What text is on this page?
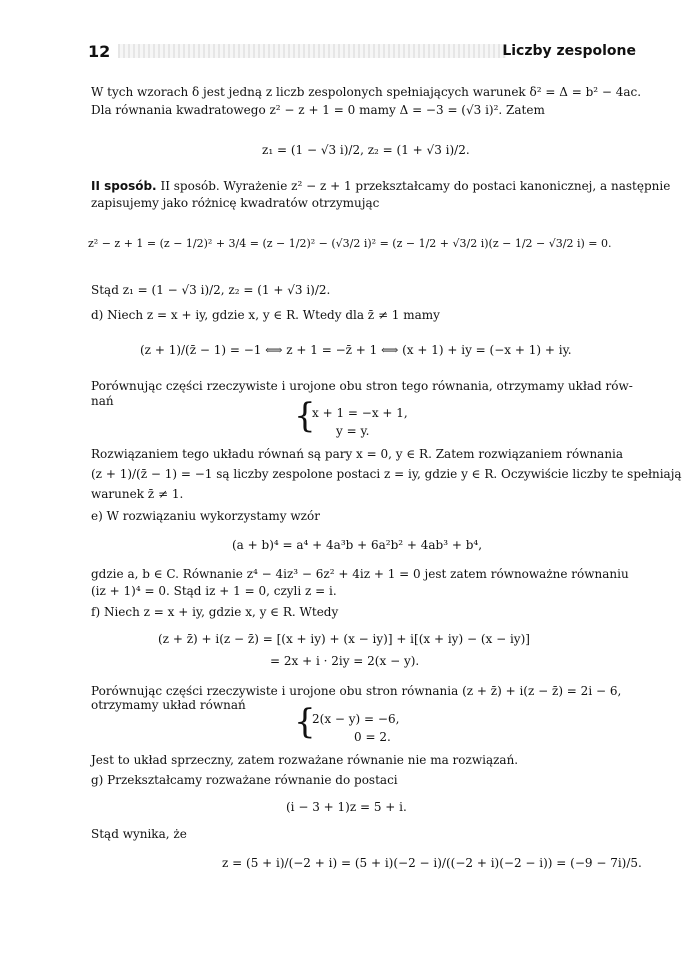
12	Liczby zespolone
W tych wzorach δ jest jedną z liczb zespolonych spełniających warunek δ² = Δ = b² − 4ac.
Dla równania kwadratowego z² − z + 1 = 0 mamy Δ = −3 = (√3 i)². Zatem
z₁ = (1 − √3 i)/2, z₂ = (1 + √3 i)/2.
II sposób. II sposób. Wyrażenie z² − z + 1 przekształcamy do postaci kanonicznej, a następnie
zapisujemy jako różnicę kwadratów otrzymując
z² − z + 1 = (z − 1/2)² + 3/4 = (z − 1/2)² − (√3/2 i)² = (z − 1/2 + √3/2 i)(z − 1/2 − √3/2 i) = 0.
Stąd z₁ = (1 − √3 i)/2, z₂ = (1 + √3 i)/2.
d) Niech z = x + iy, gdzie x, y ∈ R. Wtedy dla z̄ ≠ 1 mamy
(z + 1)/(z̄ − 1) = −1 ⟺ z + 1 = −z̄ + 1 ⟺ (x + 1) + iy = (−x + 1) + iy.
Porównując części rzeczywiste i urojone obu stron tego równania, otrzymamy układ rów-
nań	{
x + 1 = −x + 1,
y = y.
Rozwiązaniem tego układu równań są pary x = 0, y ∈ R. Zatem rozwiązaniem równania
(z + 1)/(z̄ − 1) = −1 są liczby zespolone postaci z = iy, gdzie y ∈ R. Oczywiście liczby te spełniają
warunek z̄ ≠ 1.
e) W rozwiązaniu wykorzystamy wzór
(a + b)⁴ = a⁴ + 4a³b + 6a²b² + 4ab³ + b⁴,
gdzie a, b ∈ C. Równanie z⁴ − 4iz³ − 6z² + 4iz + 1 = 0 jest zatem równoważne równaniu
(iz + 1)⁴ = 0. Stąd iz + 1 = 0, czyli z = i.
f) Niech z = x + iy, gdzie x, y ∈ R. Wtedy
(z + z̄) + i(z − z̄) = [(x + iy) + (x − iy)] + i[(x + iy) − (x − iy)]
= 2x + i · 2iy = 2(x − y).
Porównując części rzeczywiste i urojone obu stron równania (z + z̄) + i(z − z̄) = 2i − 6,
otrzymamy układ równań {
2(x − y) = −6,
0 = 2.
Jest to układ sprzeczny, zatem rozważane równanie nie ma rozwiązań.
g) Przekształcamy rozważane równanie do postaci
(i − 3 + 1)z = 5 + i.
Stąd wynika, że
z = (5 + i)/(−2 + i) = (5 + i)(−2 − i)/((−2 + i)(−2 − i)) = (−9 − 7i)/5.
